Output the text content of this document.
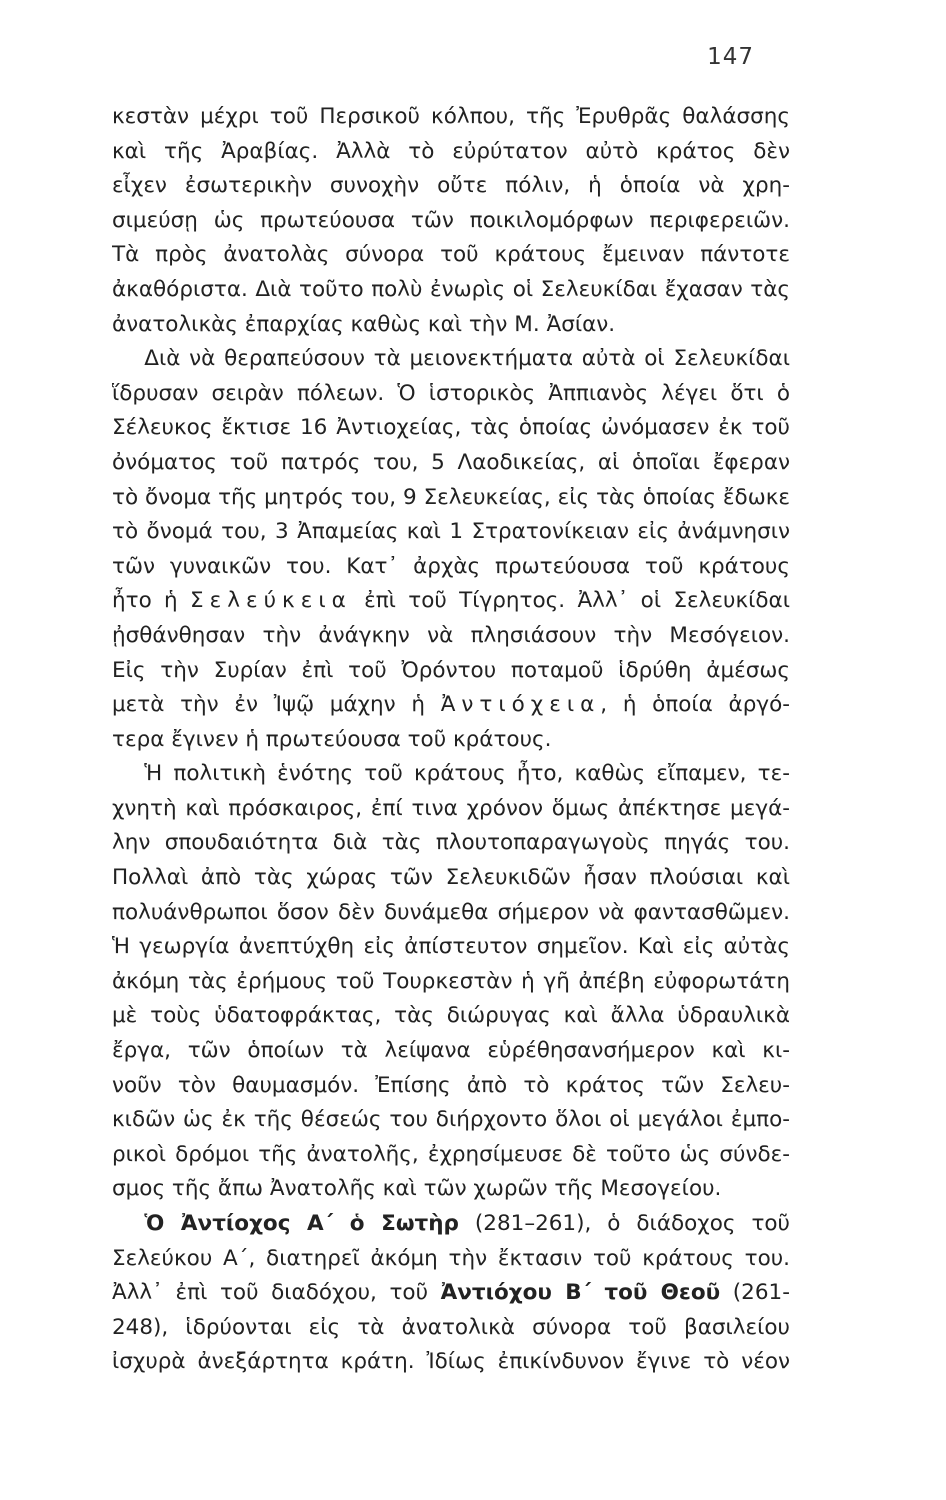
147
κεστὰν μέχρι τοῦ Περσικοῦ κόλπου, τῆς Ἐρυθρᾶς θαλάσσης
καὶ τῆς Ἀραβίας. Ἀλλὰ τὸ εὐρύτατον αὐτὸ κράτος δὲν
εἶχεν ἐσωτερικὴν συνοχὴν οὔτε πόλιν, ἡ ὁποία νὰ χρη-
σιμεύσῃ ὡς πρωτεύουσα τῶν ποικιλομόρφων περιφερειῶν.
Τὰ πρὸς ἀνατολὰς σύνορα τοῦ κράτους ἔμειναν πάντοτε
ἀκαθόριστα. Διὰ τοῦτο πολὺ ἐνωρὶς οἱ Σελευκίδαι ἔχασαν τὰς
ἀνατολικὰς ἐπαρχίας καθὼς καὶ τὴν Μ. Ἀσίαν.
  Διὰ νὰ θεραπεύσουν τὰ μειονεκτήματα αὐτὰ οἱ Σελευκίδαι
ἵδρυσαν σειρὰν πόλεων. Ὁ ἱστορικὸς Ἀππιανὸς λέγει ὅτι ὁ
Σέλευκος ἔκτισε 16 Ἀντιοχείας, τὰς ὁποίας ὠνόμασεν ἐκ τοῦ
ὀνόματος τοῦ πατρός του, 5 Λαοδικείας, αἱ ὁποῖαι ἔφεραν
τὸ ὄνομα τῆς μητρός του, 9 Σελευκείας, εἰς τὰς ὁποίας ἔδωκε
τὸ ὄνομά του, 3 Ἀπαμείας καὶ 1 Στρατονίκειαν εἰς ἀνάμνησιν
τῶν γυναικῶν του. Κατ᾽ ἀρχὰς πρωτεύουσα τοῦ κράτους
ἦτο ἡ Σελεύκεια ἐπὶ τοῦ Τίγρητος. Ἀλλ᾽ οἱ Σελευκίδαι
ᾐσθάνθησαν τὴν ἀνάγκην νὰ πλησιάσουν τὴν Μεσόγειον.
Εἰς τὴν Συρίαν ἐπὶ τοῦ Ὀρόντου ποταμοῦ ἱδρύθη ἀμέσως
μετὰ τὴν ἐν Ἰψῷ μάχην ἡ Ἀντιόχεια, ἡ ὁποία ἀργό-
τερα ἔγινεν ἡ πρωτεύουσα τοῦ κράτους.
  Ἡ πολιτικὴ ἑνότης τοῦ κράτους ἦτο, καθὼς εἴπαμεν, τε-
χνητὴ καὶ πρόσκαιρος, ἐπί τινα χρόνον ὅμως ἀπέκτησε μεγά-
λην σπουδαιότητα διὰ τὰς πλουτοπαραγωγοὺς πηγάς του.
Πολλαὶ ἀπὸ τὰς χώρας τῶν Σελευκιδῶν ἦσαν πλούσιαι καὶ
πολυάνθρωποι ὅσον δὲν δυνάμεθα σήμερον νὰ φαντασθῶμεν.
Ἡ γεωργία ἀνεπτύχθη εἰς ἀπίστευτον σημεῖον. Καὶ εἰς αὐτὰς
ἀκόμη τὰς ἐρήμους τοῦ Τουρκεστὰν ἡ γῆ ἀπέβη εὐφορωτάτη
μὲ τοὺς ὑδατοφράκτας, τὰς διώρυγας καὶ ἄλλα ὑδραυλικὰ
ἔργα, τῶν ὁποίων τὰ λείψανα εὑρέθησανσήμερον καὶ κι-
νοῦν τὸν θαυμασμόν. Ἐπίσης ἀπὸ τὸ κράτος τῶν Σελευ-
κιδῶν ὡς ἐκ τῆς θέσεώς του διήρχοντο ὅλοι οἱ μεγάλοι ἐμπο-
ρικοὶ δρόμοι τῆς ἀνατολῆς, ἐχρησίμευσε δὲ τοῦτο ὡς σύνδε-
σμος τῆς ἄπω Ἀνατολῆς καὶ τῶν χωρῶν τῆς Μεσογείου.
  Ὁ Ἀντίοχος Α΄ ὁ Σωτὴρ (281–261), ὁ διάδοχος τοῦ
Σελεύκου Α΄, διατηρεῖ ἀκόμη τὴν ἔκτασιν τοῦ κράτους του.
Ἀλλ᾽ ἐπὶ τοῦ διαδόχου, τοῦ Ἀντιόχου Β΄ τοῦ Θεοῦ (261-
248), ἱδρύονται εἰς τὰ ἀνατολικὰ σύνορα τοῦ βασιλείου
ἰσχυρὰ ἀνεξάρτητα κράτη. Ἰδίως ἐπικίνδυνον ἔγινε τὸ νέον
